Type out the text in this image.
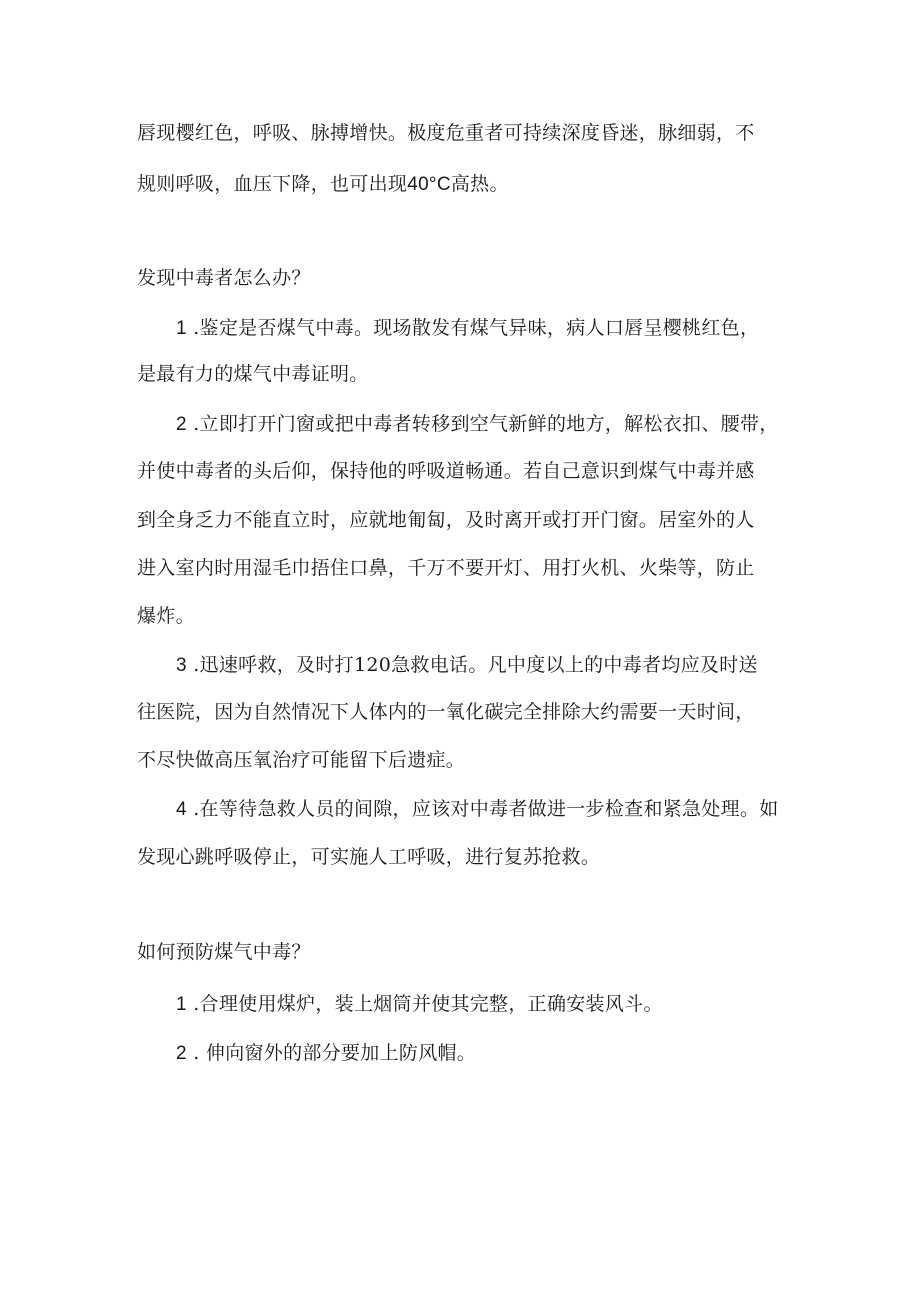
唇现樱红色，呼吸、脉搏增快。极度危重者可持续深度昏迷，脉细弱，不
规则呼吸，血压下降，也可出现40°C高热。
发现中毒者怎么办？
1 .鉴定是否煤气中毒。现场散发有煤气异味，病人口唇呈樱桃红色，
是最有力的煤气中毒证明。
2 .立即打开门窗或把中毒者转移到空气新鲜的地方，解松衣扣、腰带，
并使中毒者的头后仰，保持他的呼吸道畅通。若自己意识到煤气中毒并感
到全身乏力不能直立时，应就地匍匐，及时离开或打开门窗。居室外的人
进入室内时用湿毛巾捂住口鼻，千万不要开灯、用打火机、火柴等，防止
爆炸。
3 .迅速呼救，及时打120急救电话。凡中度以上的中毒者均应及时送
往医院，因为自然情况下人体内的一氧化碳完全排除大约需要一天时间，
不尽快做高压氧治疗可能留下后遗症。
4 .在等待急救人员的间隙，应该对中毒者做进一步检查和紧急处理。如
发现心跳呼吸停止，可实施人工呼吸，进行复苏抢救。
如何预防煤气中毒？
1 .合理使用煤炉，装上烟筒并使其完整，正确安装风斗。
2 . 伸向窗外的部分要加上防风帽。
